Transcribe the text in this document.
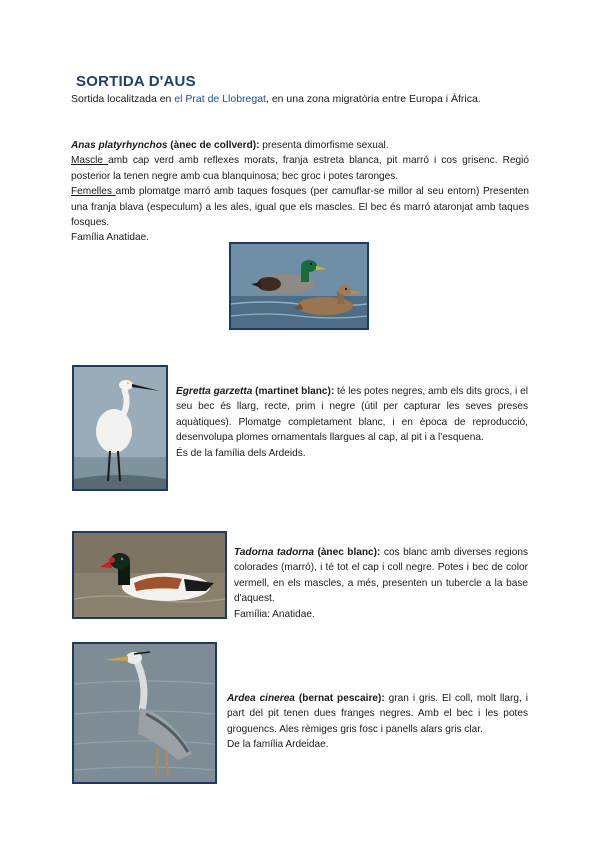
SORTIDA D'AUS
Sortida localitzada en el Prat de Llobregat, en una zona migratòria entre Europa i Àfrica.
Anas platyrhynchos (ànec de collverd): presenta dimorfisme sexual.
Mascle amb cap verd amb reflexes morats, franja estreta blanca, pit marró i cos grisenc. Regió posterior la tenen negre amb cua blanquinosa; bec groc i potes taronges.
Femelles amb plomatge marró amb taques fosques (per camuflar-se millor al seu entorn) Presenten una franja blava (especulum) a les ales, igual que els mascles. El bec és marró ataronjat amb taques fosques.
Família Anatidae.
Egretta garzetta (martinet blanc): té les potes negres, amb els dits grocs, i el seu bec és llarg, recte, prim i negre (útil per capturar les seves preses aquàtiques). Plomatge completament blanc, i en època de reproducció, desenvolupa plomes ornamentals llargues al cap, al pit i a l'esquena.
És de la família dels Ardeids.
Tadorna tadorna (ànec blanc): cos blanc amb diverses regions colorades (marró), i té tot el cap i coll negre. Potes i bec de color vermell, en els mascles, a més, presenten un tubercle a la base d'aquest.
Família: Anatidae.
Ardea cinerea (bernat pescaire): gran i gris. El coll, molt llarg, i part del pit tenen dues franges negres. Amb el bec i les potes groguencs. Ales rèmiges gris fosc i panells alars gris clar.
De la família Ardeidae.
